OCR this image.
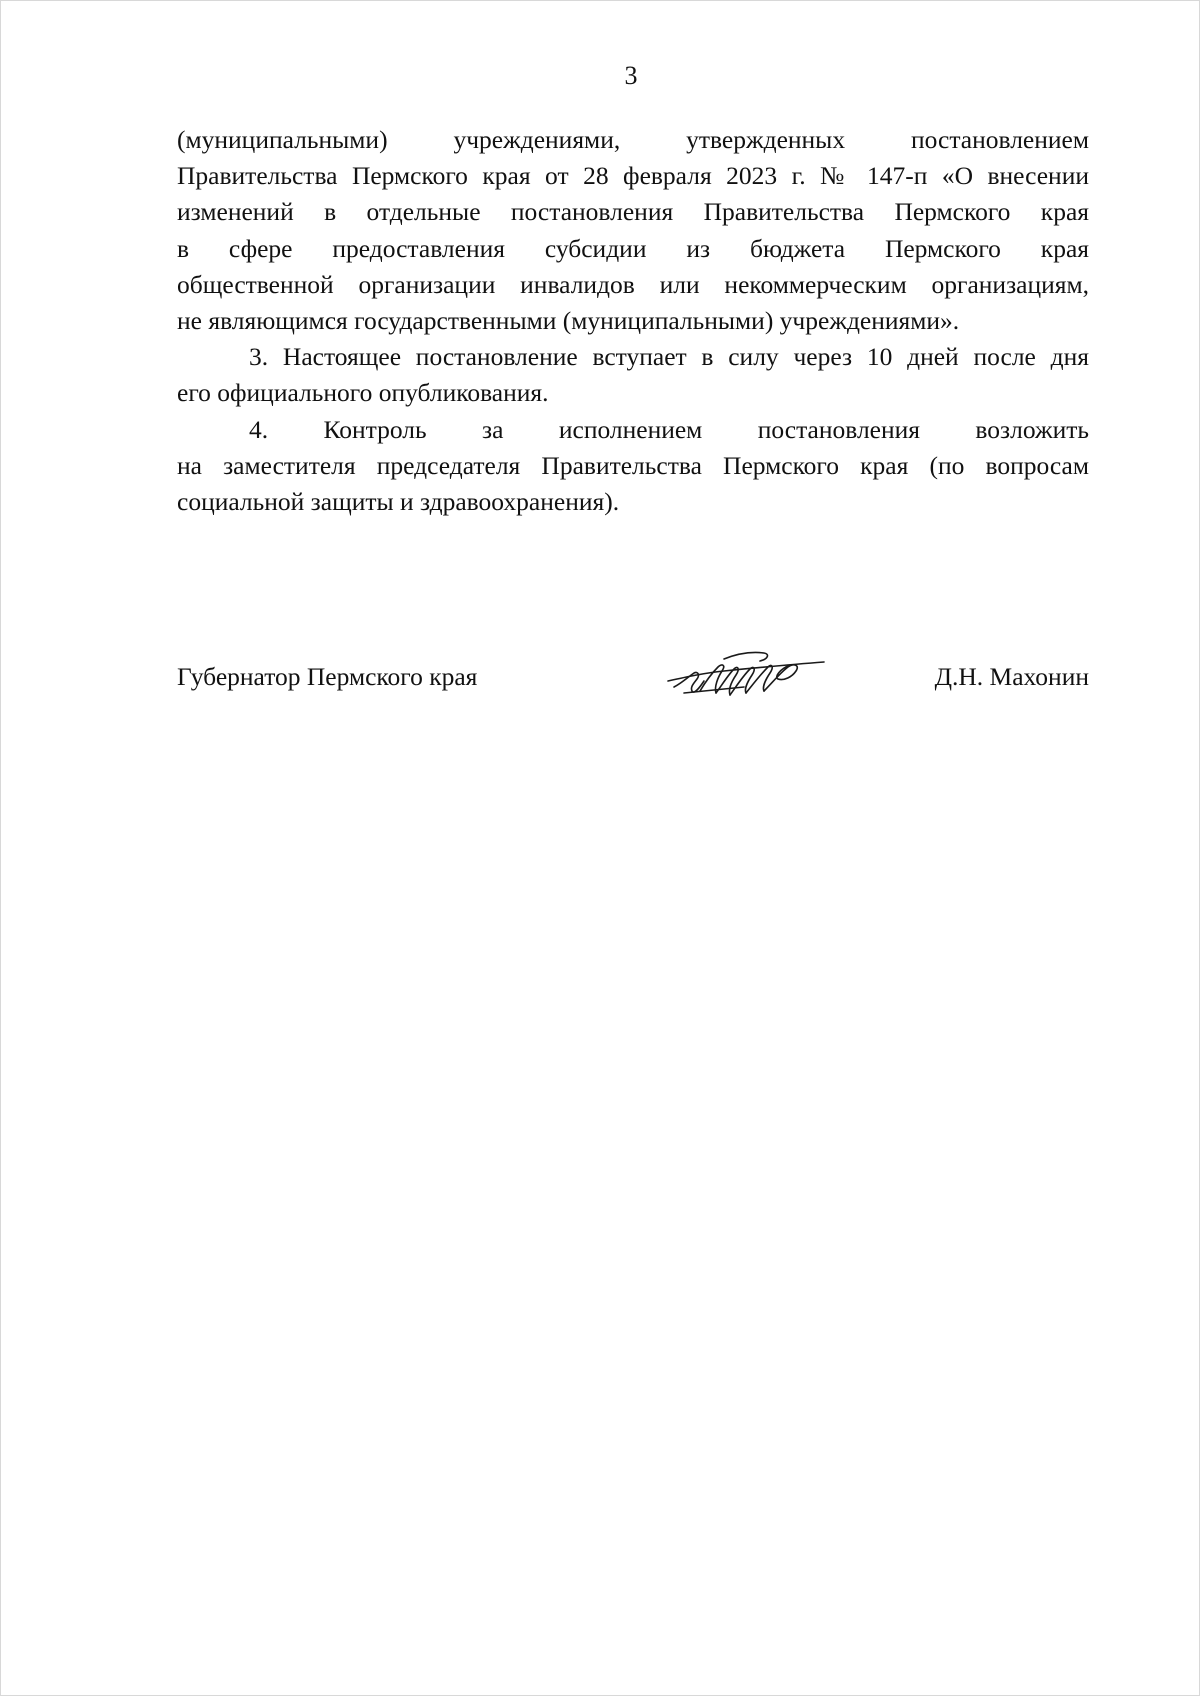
3

(муниципальными) учреждениями, утвержденных постановлением
Правительства Пермского края от 28 февраля 2023 г. № 147-п «О внесении
изменений в отдельные постановления Правительства Пермского края
в сфере предоставления субсидии из бюджета Пермского края
общественной организации инвалидов или некоммерческим организациям,
не являющимся государственными (муниципальными) учреждениями».

3. Настоящее постановление вступает в силу через 10 дней после дня
его официального опубликования.

4. Контроль за исполнением постановления возложить
на заместителя председателя Правительства Пермского края (по вопросам
социальной защиты и здравоохранения).

Губернатор Пермского края	Д.Н. Махонин
